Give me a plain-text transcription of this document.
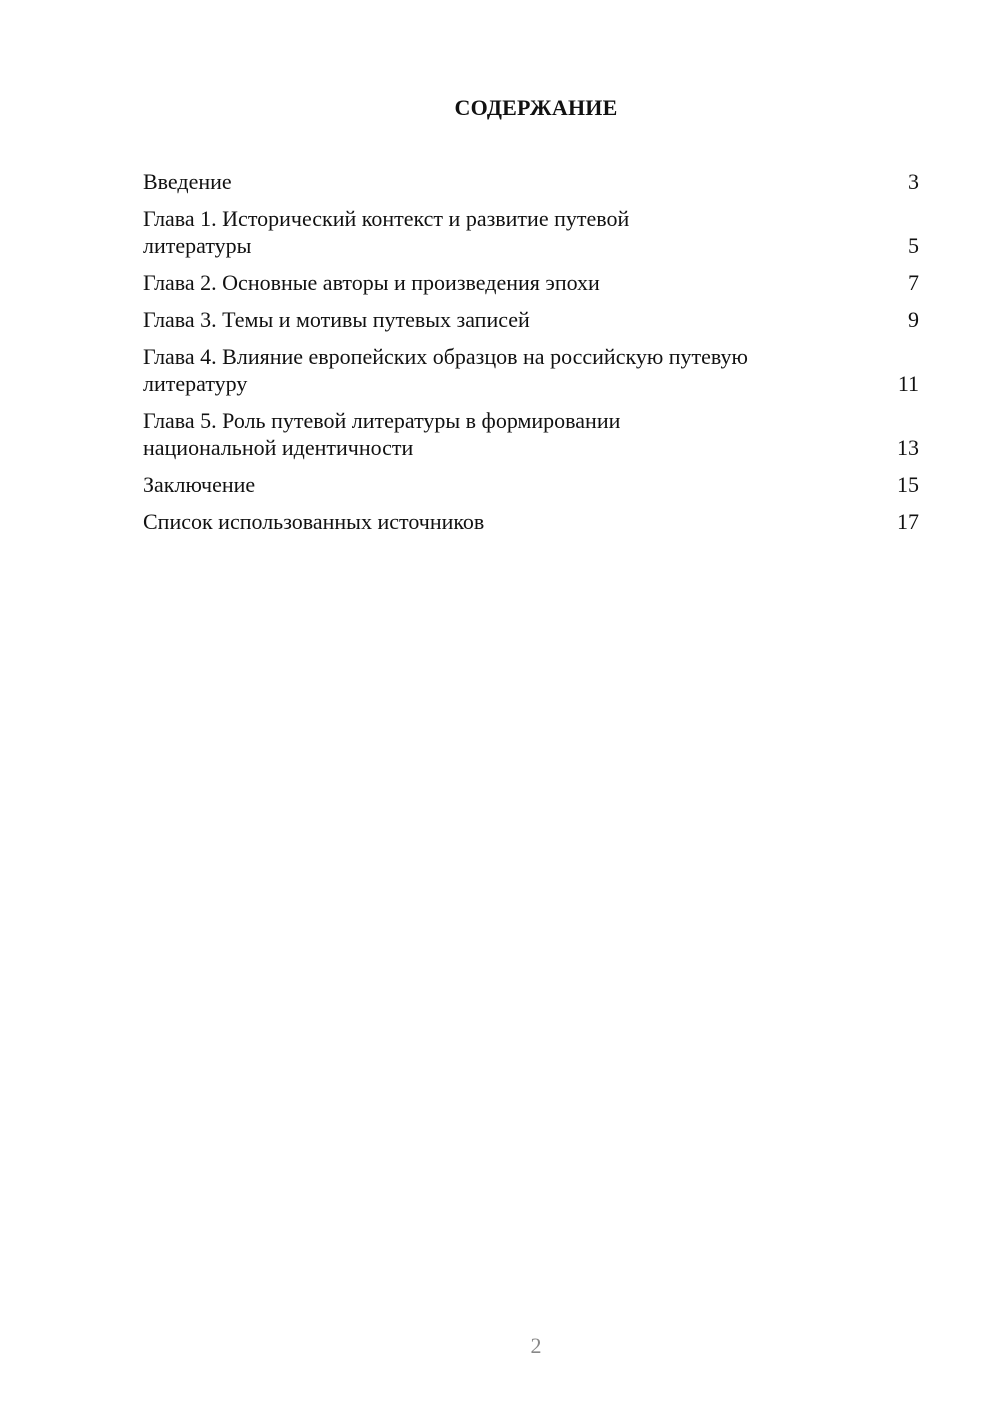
СОДЕРЖАНИЕ
Введение	3
Глава 1. Исторический контекст и развитие путевой
литературы	5
Глава 2. Основные авторы и произведения эпохи	7
Глава 3. Темы и мотивы путевых записей	9
Глава 4. Влияние европейских образцов на российскую путевую
литературу	11
Глава 5. Роль путевой литературы в формировании
национальной идентичности	13
Заключение	15
Список использованных источников	17
2
